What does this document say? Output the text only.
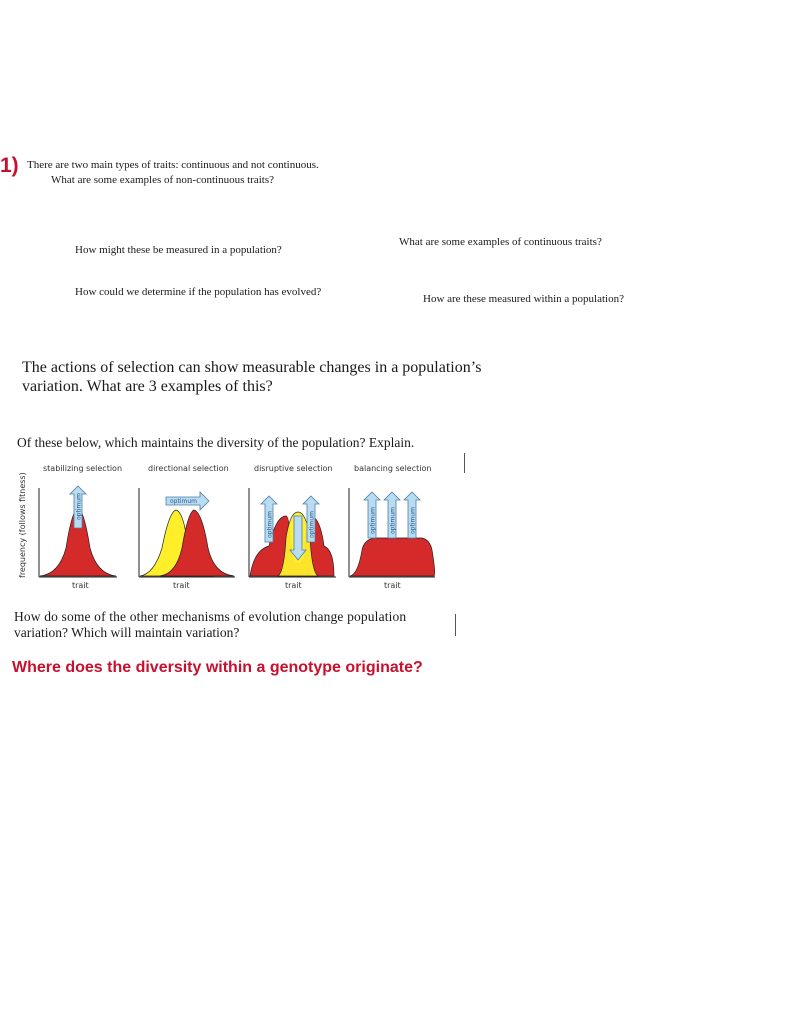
1) There are two main types of traits: continuous and not continuous.
What are some examples of non-continuous traits?
How might these be measured in a population?
What are some examples of continuous traits?
How could we determine if the population has evolved?
How are these measured within a population?
The actions of selection can show measurable changes in a population’s
variation. What are 3 examples of this?
Of these below, which maintains the diversity of the population? Explain.
frequency (follows fitness)
stabilizing selection	directional selection	disruptive selection	balancing selection
optimum
trait
optimum
trait
optimum	optimum
trait
optimum optimum optimum
trait
How do some of the other mechanisms of evolution change population
variation? Which will maintain variation?
Where does the diversity within a genotype originate?
